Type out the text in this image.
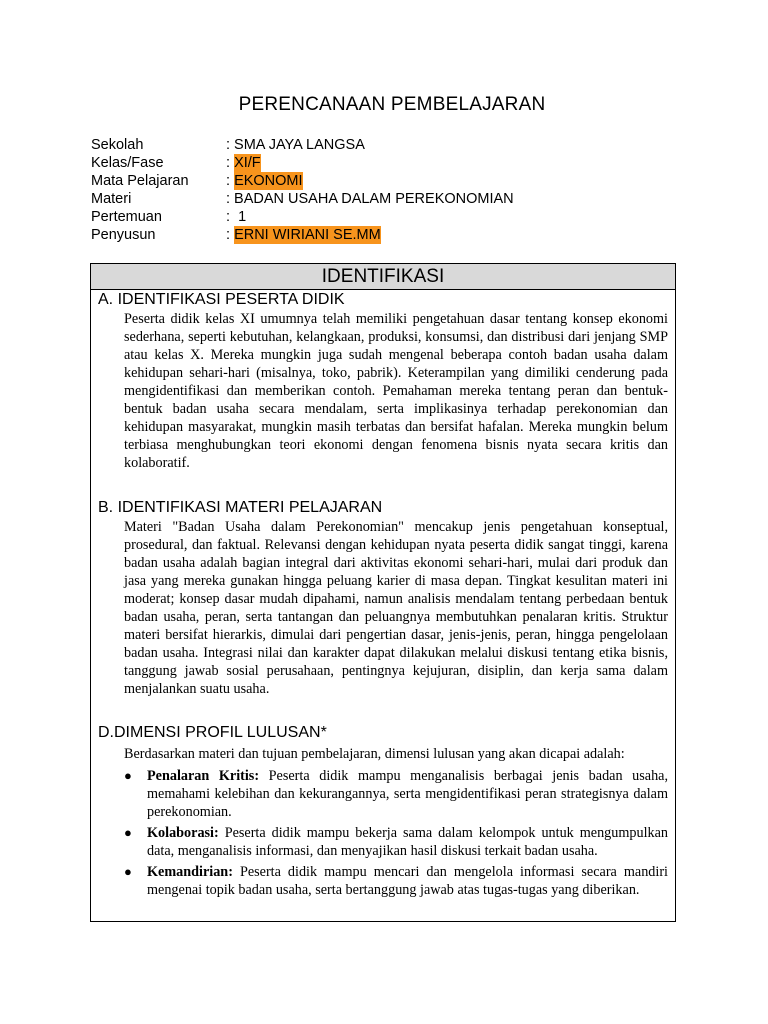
PERENCANAAN PEMBELAJARAN
Sekolah	: SMA JAYA LANGSA
Kelas/Fase	: XI/F
Mata Pelajaran	: EKONOMI
Materi	: BADAN USAHA DALAM PEREKONOMIAN
Pertemuan	:  1
Penyusun	: ERNI WIRIANI SE.MM
IDENTIFIKASI
A. IDENTIFIKASI PESERTA DIDIK

Peserta didik kelas XI umumnya telah memiliki pengetahuan dasar tentang konsep ekonomi sederhana, seperti kebutuhan, kelangkaan, produksi, konsumsi, dan distribusi dari jenjang SMP atau kelas X. Mereka mungkin juga sudah mengenal beberapa contoh badan usaha dalam kehidupan sehari-hari (misalnya, toko, pabrik). Keterampilan yang dimiliki cenderung pada mengidentifikasi dan memberikan contoh. Pemahaman mereka tentang peran dan bentuk-bentuk badan usaha secara mendalam, serta implikasinya terhadap perekonomian dan kehidupan masyarakat, mungkin masih terbatas dan bersifat hafalan. Mereka mungkin belum terbiasa menghubungkan teori ekonomi dengan fenomena bisnis nyata secara kritis dan kolaboratif.

B. IDENTIFIKASI MATERI PELAJARAN

Materi "Badan Usaha dalam Perekonomian" mencakup jenis pengetahuan konseptual, prosedural, dan faktual. Relevansi dengan kehidupan nyata peserta didik sangat tinggi, karena badan usaha adalah bagian integral dari aktivitas ekonomi sehari-hari, mulai dari produk dan jasa yang mereka gunakan hingga peluang karier di masa depan. Tingkat kesulitan materi ini moderat; konsep dasar mudah dipahami, namun analisis mendalam tentang perbedaan bentuk badan usaha, peran, serta tantangan dan peluangnya membutuhkan penalaran kritis. Struktur materi bersifat hierarkis, dimulai dari pengertian dasar, jenis-jenis, peran, hingga pengelolaan badan usaha. Integrasi nilai dan karakter dapat dilakukan melalui diskusi tentang etika bisnis, tanggung jawab sosial perusahaan, pentingnya kejujuran, disiplin, dan kerja sama dalam menjalankan suatu usaha.

D.DIMENSI PROFIL LULUSAN*

Berdasarkan materi dan tujuan pembelajaran, dimensi lulusan yang akan dicapai adalah:

● Penalaran Kritis: Peserta didik mampu menganalisis berbagai jenis badan usaha, memahami kelebihan dan kekurangannya, serta mengidentifikasi peran strategisnya dalam perekonomian.
● Kolaborasi: Peserta didik mampu bekerja sama dalam kelompok untuk mengumpulkan data, menganalisis informasi, dan menyajikan hasil diskusi terkait badan usaha.
● Kemandirian: Peserta didik mampu mencari dan mengelola informasi secara mandiri mengenai topik badan usaha, serta bertanggung jawab atas tugas-tugas yang diberikan.
